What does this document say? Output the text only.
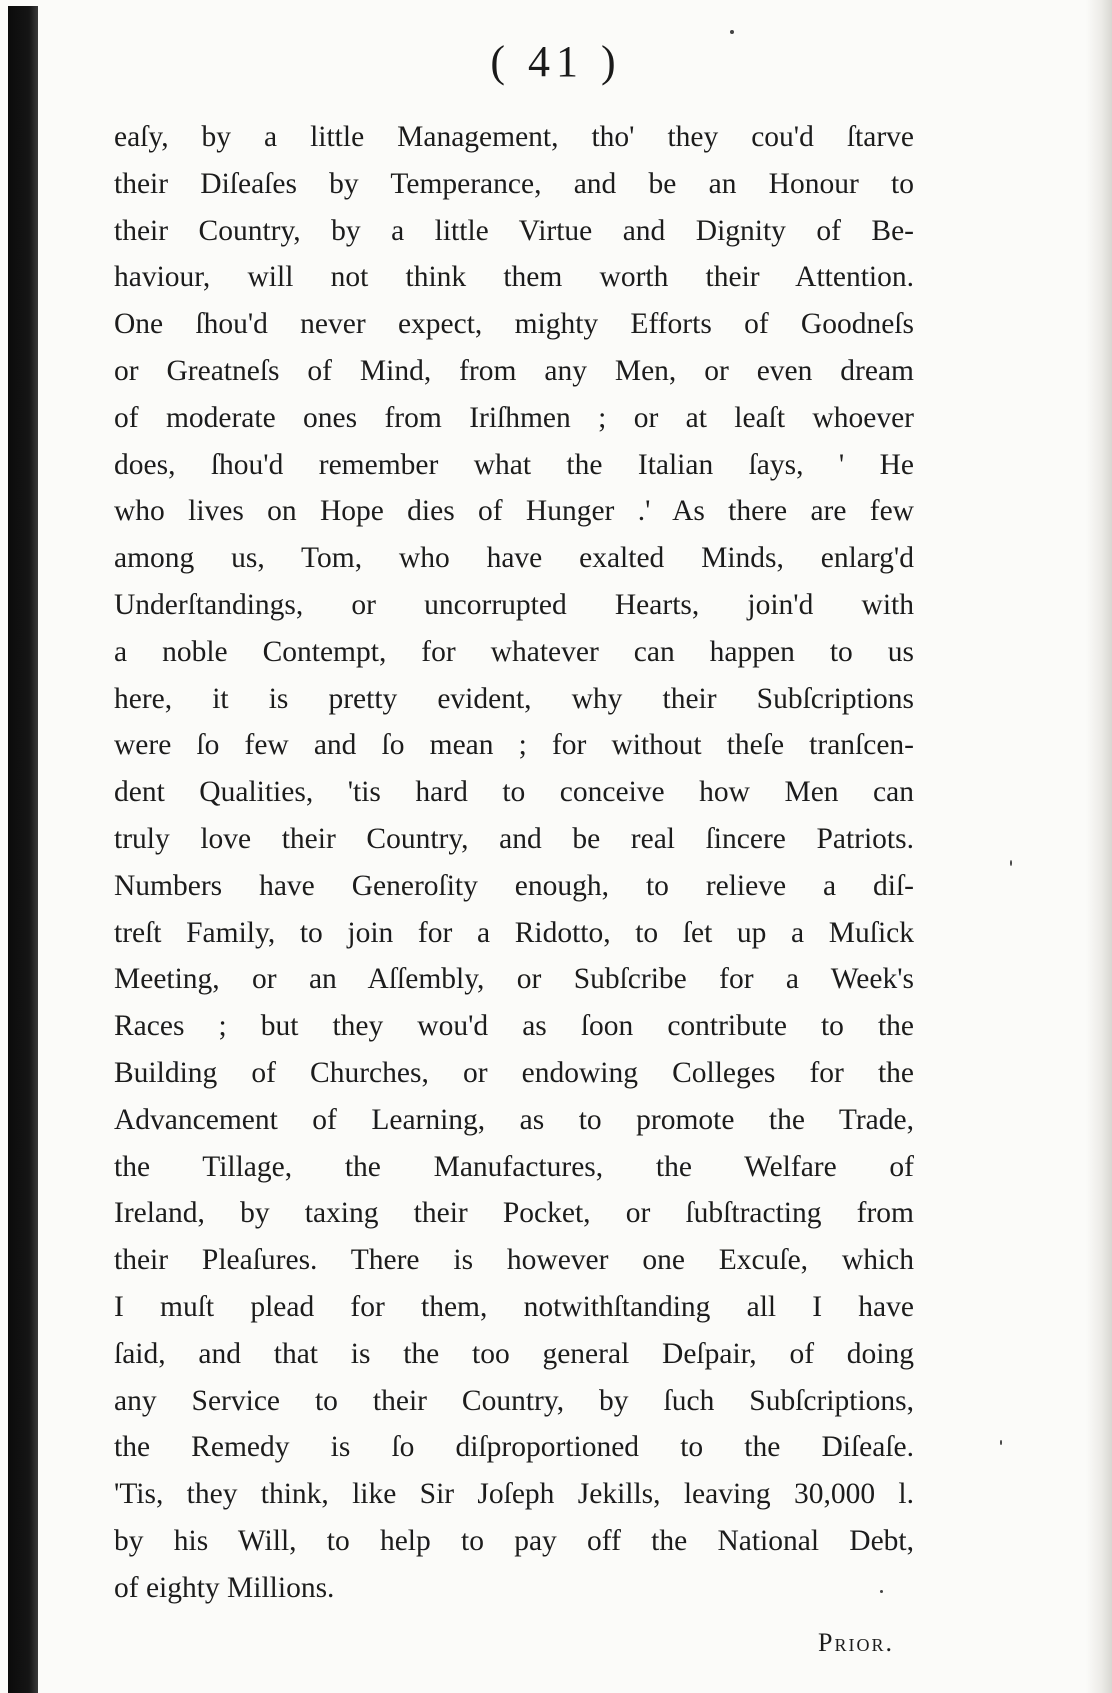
( 41 )
eaſy, by a little Management, tho' they cou'd ſtarve
their Diſeaſes by Temperance, and be an Honour to
their Country, by a little Virtue and Dignity of Be-
haviour, will not think them worth their Attention.
One ſhou'd never expect, mighty Efforts of Goodneſs
or Greatneſs of Mind, from any Men, or even dream
of moderate ones from Iriſhmen ; or at leaſt whoever
does, ſhou'd remember what the Italian ſays, ' He
who lives on Hope dies of Hunger .' As there are few
among us, Tom, who have exalted Minds, enlarg'd
Underſtandings, or uncorrupted Hearts, join'd with
a noble Contempt, for whatever can happen to us
here, it is pretty evident, why their Subſcriptions
were ſo few and ſo mean ; for without theſe tranſcen-
dent Qualities, 'tis hard to conceive how Men can
truly love their Country, and be real ſincere Patriots.
Numbers have Generoſity enough, to relieve a diſ-
treſt Family, to join for a Ridotto, to ſet up a Muſick
Meeting, or an Aſſembly, or Subſcribe for a Week's
Races ; but they wou'd as ſoon contribute to the
Building of Churches, or endowing Colleges for the
Advancement of Learning, as to promote the Trade,
the Tillage, the Manufactures, the Welfare of
Ireland, by taxing their Pocket, or ſubſtracting from
their Pleaſures. There is however one Excuſe, which
I muſt plead for them, notwithſtanding all I have
ſaid, and that is the too general Deſpair, of doing
any Service to their Country, by ſuch Subſcriptions,
the Remedy is ſo diſproportioned to the Diſeaſe.
'Tis, they think, like Sir Joſeph Jekills, leaving 30,000 l.
by his Will, to help to pay off the National Debt,
of eighty Millions.
Prior.
